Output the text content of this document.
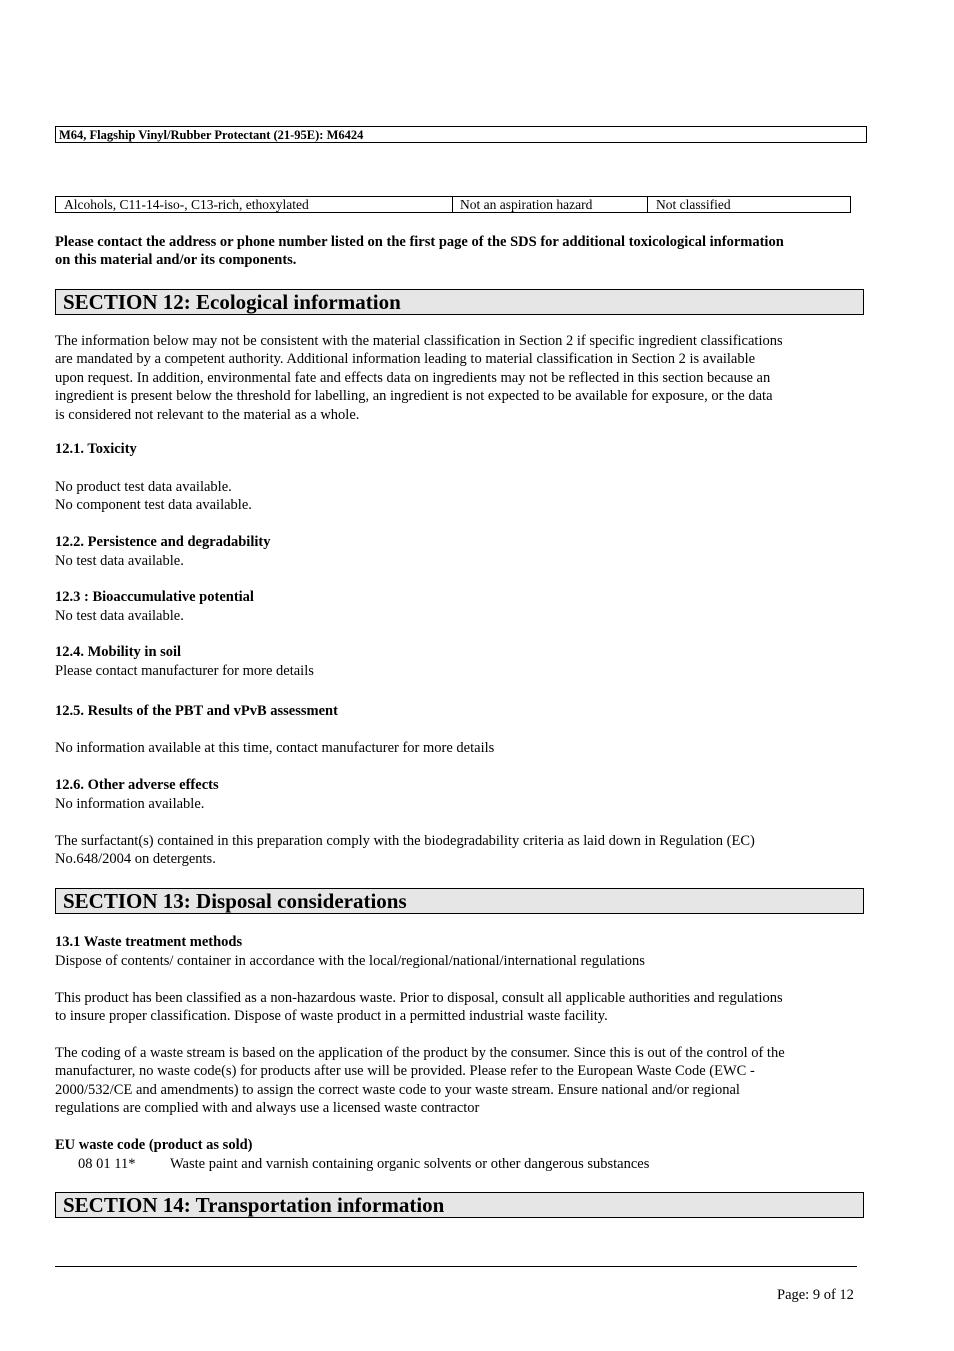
M64, Flagship Vinyl/Rubber Protectant (21-95E): M6424
Alcohols, C11-14-iso-, C13-rich, ethoxylated	Not an aspiration hazard	Not classified
Please contact the address or phone number listed on the first page of the SDS for additional toxicological information
on this material and/or its components.
SECTION 12: Ecological information
The information below may not be consistent with the material classification in Section 2 if specific ingredient classifications
are mandated by a competent authority. Additional information leading to material classification in Section 2 is available
upon request. In addition, environmental fate and effects data on ingredients may not be reflected in this section because an
ingredient is present below the threshold for labelling, an ingredient is not expected to be available for exposure, or the data
is considered not relevant to the material as a whole.
12.1. Toxicity
No product test data available.
No component test data available.
12.2. Persistence and degradability
No test data available.
12.3 : Bioaccumulative potential
No test data available.
12.4. Mobility in soil
Please contact manufacturer for more details
12.5. Results of the PBT and vPvB assessment
No information available at this time, contact manufacturer for more details
12.6. Other adverse effects
No information available.
The surfactant(s) contained in this preparation comply with the biodegradability criteria as laid down in Regulation (EC)
No.648/2004 on detergents.
SECTION 13: Disposal considerations
13.1 Waste treatment methods
Dispose of contents/ container in accordance with the local/regional/national/international regulations
This product has been classified as a non-hazardous waste. Prior to disposal, consult all applicable authorities and regulations
to insure proper classification. Dispose of waste product in a permitted industrial waste facility.
The coding of a waste stream is based on the application of the product by the consumer. Since this is out of the control of the
manufacturer, no waste code(s) for products after use will be provided. Please refer to the European Waste Code (EWC -
2000/532/CE and amendments) to assign the correct waste code to your waste stream. Ensure national and/or regional
regulations are complied with and always use a licensed waste contractor
EU waste code (product as sold)
08 01 11* Waste paint and varnish containing organic solvents or other dangerous substances
SECTION 14: Transportation information
Page: 9 of 12
